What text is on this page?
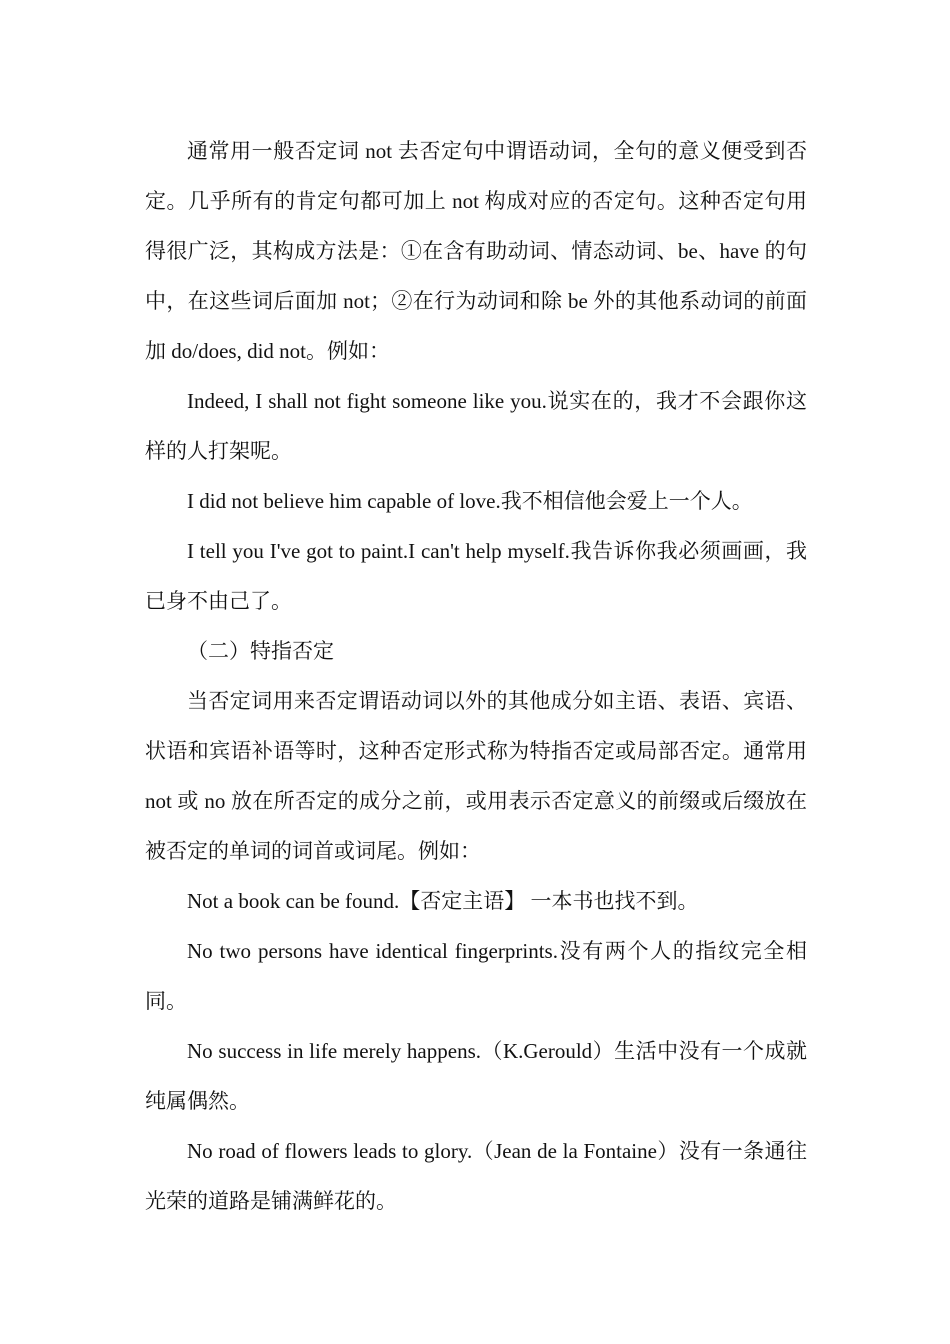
通常用一般否定词 not 去否定句中谓语动词，全句的意义便受到否定。几乎所有的肯定句都可加上 not 构成对应的否定句。这种否定句用得很广泛，其构成方法是：①在含有助动词、情态动词、be、have 的句中，在这些词后面加 not；②在行为动词和除 be 外的其他系动词的前面加 do/does, did not。例如：

Indeed, I shall not fight someone like you.说实在的，我才不会跟你这样的人打架呢。

I did not believe him capable of love.我不相信他会爱上一个人。

I tell you I've got to paint.I can't help myself.我告诉你我必须画画，我已身不由己了。

（二）特指否定

当否定词用来否定谓语动词以外的其他成分如主语、表语、宾语、状语和宾语补语等时，这种否定形式称为特指否定或局部否定。通常用 not 或 no 放在所否定的成分之前，或用表示否定意义的前缀或后缀放在被否定的单词的词首或词尾。例如：

Not a book can be found.【否定主语】 一本书也找不到。

No two persons have identical fingerprints.没有两个人的指纹完全相同。

No success in life merely happens.（K.Gerould）生活中没有一个成就纯属偶然。

No road of flowers leads to glory.（Jean de la Fontaine）没有一条通往光荣的道路是铺满鲜花的。
